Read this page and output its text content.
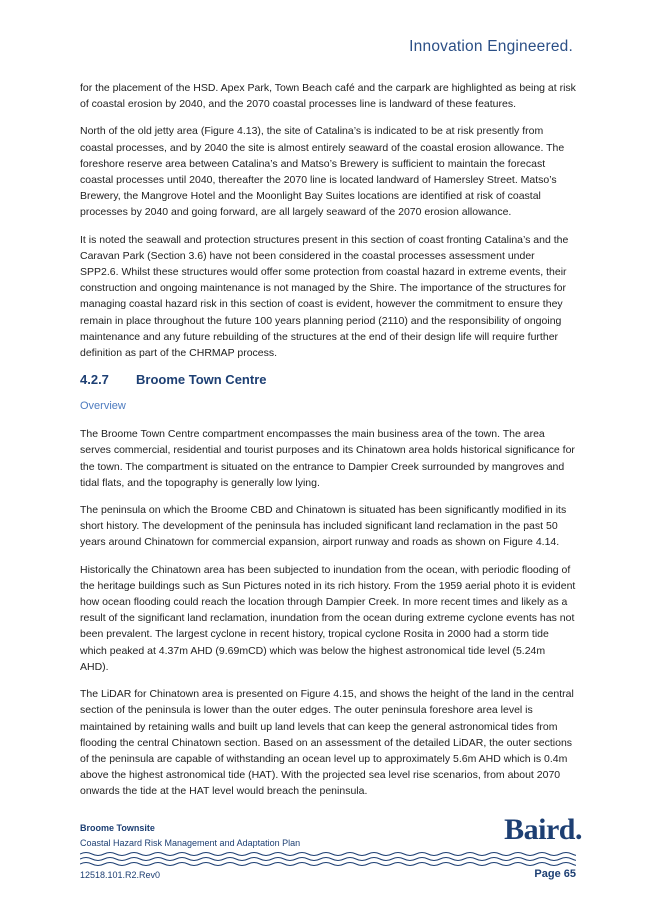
Innovation Engineered.

for the placement of the HSD. Apex Park, Town Beach café and the carpark are highlighted as being at risk of coastal erosion by 2040, and the 2070 coastal processes line is landward of these features.

North of the old jetty area (Figure 4.13), the site of Catalina’s is indicated to be at risk presently from coastal processes, and by 2040 the site is almost entirely seaward of the coastal erosion allowance. The foreshore reserve area between Catalina’s and Matso’s Brewery is sufficient to maintain the forecast coastal processes until 2040, thereafter the 2070 line is located landward of Hamersley Street. Matso’s Brewery, the Mangrove Hotel and the Moonlight Bay Suites locations are identified at risk of coastal processes by 2040 and going forward, are all largely seaward of the 2070 erosion allowance.

It is noted the seawall and protection structures present in this section of coast fronting Catalina’s and the Caravan Park (Section 3.6) have not been considered in the coastal processes assessment under SPP2.6. Whilst these structures would offer some protection from coastal hazard in extreme events, their construction and ongoing maintenance is not managed by the Shire. The importance of the structures for managing coastal hazard risk in this section of coast is evident, however the commitment to ensure they remain in place throughout the future 100 years planning period (2110) and the responsibility of ongoing maintenance and any future rebuilding of the structures at the end of their design life will require further definition as part of the CHRMAP process.

4.2.7 Broome Town Centre
Overview

The Broome Town Centre compartment encompasses the main business area of the town. The area serves commercial, residential and tourist purposes and its Chinatown area holds historical significance for the town. The compartment is situated on the entrance to Dampier Creek surrounded by mangroves and tidal flats, and the topography is generally low lying.

The peninsula on which the Broome CBD and Chinatown is situated has been significantly modified in its short history. The development of the peninsula has included significant land reclamation in the past 50 years around Chinatown for commercial expansion, airport runway and roads as shown on Figure 4.14.

Historically the Chinatown area has been subjected to inundation from the ocean, with periodic flooding of the heritage buildings such as Sun Pictures noted in its rich history. From the 1959 aerial photo it is evident how ocean flooding could reach the location through Dampier Creek. In more recent times and likely as a result of the significant land reclamation, inundation from the ocean during extreme cyclone events has not been prevalent. The largest cyclone in recent history, tropical cyclone Rosita in 2000 had a storm tide which peaked at 4.37m AHD (9.69mCD) which was below the highest astronomical tide level (5.24m AHD).

The LiDAR for Chinatown area is presented on Figure 4.15, and shows the height of the land in the central section of the peninsula is lower than the outer edges. The outer peninsula foreshore area level is maintained by retaining walls and built up land levels that can keep the general astronomical tides from flooding the central Chinatown section. Based on an assessment of the detailed LiDAR, the outer sections of the peninsula are capable of withstanding an ocean level up to approximately 5.6m AHD which is 0.4m above the highest astronomical tide (HAT). With the projected sea level rise scenarios, from about 2070 onwards the tide at the HAT level would breach the peninsula.

Broome Townsite
Coastal Hazard Risk Management and Adaptation Plan	Baird.
12518.101.R2.Rev0	Page 65
